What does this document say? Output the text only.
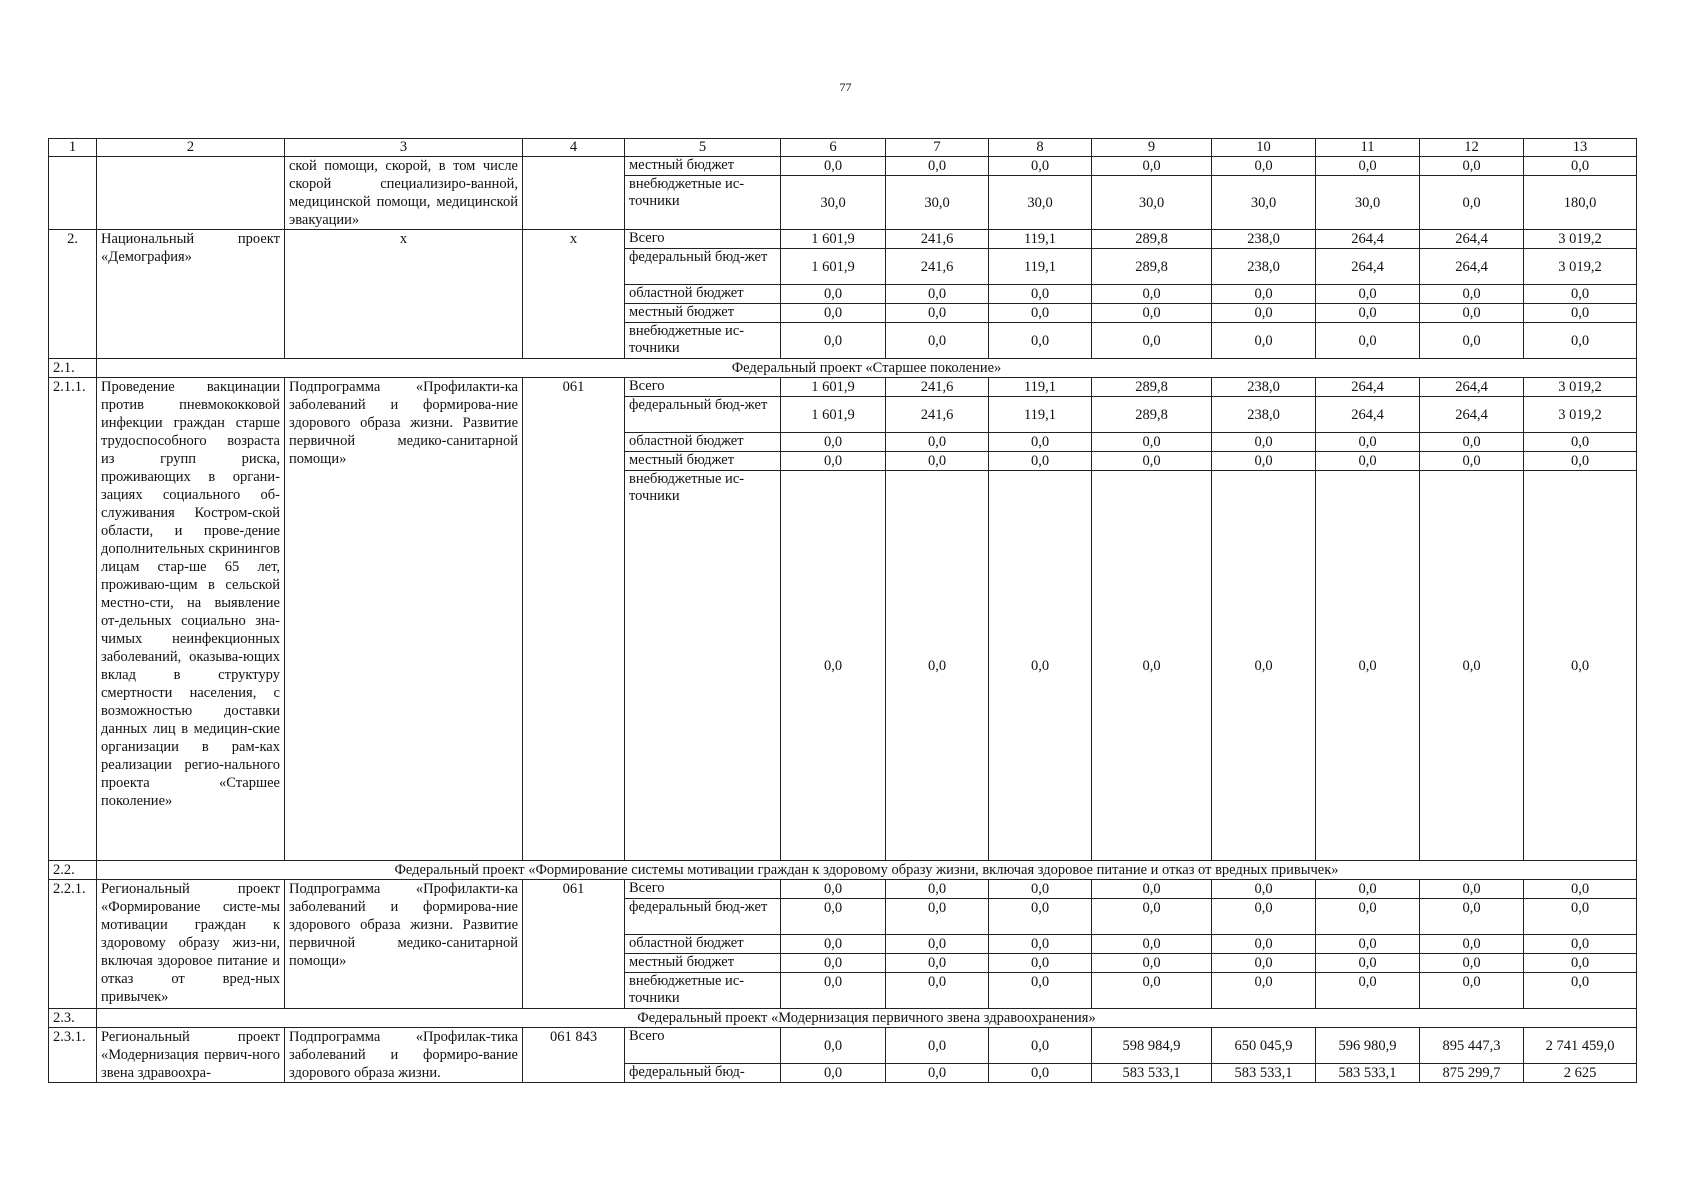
77
1	2	3	4	5	6	7	8	9	10	11	12	13
		ской помощи, скорой, в том числе скорой специализиро-ванной, медицинской помощи, медицинской эвакуации»		местный бюджет	0,0	0,0	0,0	0,0	0,0	0,0	0,0	0,0
				внебюджетные ис-точники	30,0	30,0	30,0	30,0	30,0	30,0	0,0	180,0
2.	Национальный проект «Демография»	х	х	Всего	1 601,9	241,6	119,1	289,8	238,0	264,4	264,4	3 019,2
				федеральный бюд-жет	1 601,9	241,6	119,1	289,8	238,0	264,4	264,4	3 019,2
				областной бюджет	0,0	0,0	0,0	0,0	0,0	0,0	0,0	0,0
				местный бюджет	0,0	0,0	0,0	0,0	0,0	0,0	0,0	0,0
				внебюджетные ис-точники	0,0	0,0	0,0	0,0	0,0	0,0	0,0	0,0
2.1.	Федеральный проект «Старшее поколение»											
2.1.1.	Проведение вакцинации против пневмококковой инфекции граждан старше трудоспособного возраста из групп риска, проживающих в органи-зациях социального об-служивания Костром-ской области, и прове-дение дополнительных скринингов лицам стар-ше 65 лет, проживаю-щим в сельской местно-сти, на выявление от-дельных социально зна-чимых неинфекционных заболеваний, оказыва-ющих вклад в структуру смертности населения, с возможностью доставки данных лиц в медицин-ские организации в рам-ках реализации регио-нального проекта «Старшее поколение»	Подпрограмма «Профилакти-ка заболеваний и формирова-ние здорового образа жизни. Развитие первичной медико-санитарной помощи»	061	Всего	1 601,9	241,6	119,1	289,8	238,0	264,4	264,4	3 019,2
				федеральный бюд-жет	1 601,9	241,6	119,1	289,8	238,0	264,4	264,4	3 019,2
				областной бюджет	0,0	0,0	0,0	0,0	0,0	0,0	0,0	0,0
				местный бюджет	0,0	0,0	0,0	0,0	0,0	0,0	0,0	0,0
				внебюджетные ис-точники	0,0	0,0	0,0	0,0	0,0	0,0	0,0	0,0
2.2.	Федеральный проект «Формирование системы мотивации граждан к здоровому образу жизни, включая здоровое питание и отказ от вредных привычек»											
2.2.1.	Региональный проект «Формирование систе-мы мотивации граждан к здоровому образу жиз-ни, включая здоровое питание и отказ от вред-ных привычек»	Подпрограмма «Профилакти-ка заболеваний и формирова-ние здорового образа жизни. Развитие первичной медико-санитарной помощи»	061	Всего	0,0	0,0	0,0	0,0	0,0	0,0	0,0	0,0
				федеральный бюд-жет	0,0	0,0	0,0	0,0	0,0	0,0	0,0	0,0
				областной бюджет	0,0	0,0	0,0	0,0	0,0	0,0	0,0	0,0
				местный бюджет	0,0	0,0	0,0	0,0	0,0	0,0	0,0	0,0
				внебюджетные ис-точники	0,0	0,0	0,0	0,0	0,0	0,0	0,0	0,0
2.3.	Федеральный проект «Модернизация первичного звена здравоохранения»											
2.3.1.	Региональный проект «Модернизация первич-ного звена здравоохра-	Подпрограмма «Профилак-тика заболеваний и формиро-вание здорового образа жизни.	061 843	Всего	0,0	0,0	0,0	598 984,9	650 045,9	596 980,9	895 447,3	2 741 459,0
				федеральный бюд-	0,0	0,0	0,0	583 533,1	583 533,1	583 533,1	875 299,7	2 625
